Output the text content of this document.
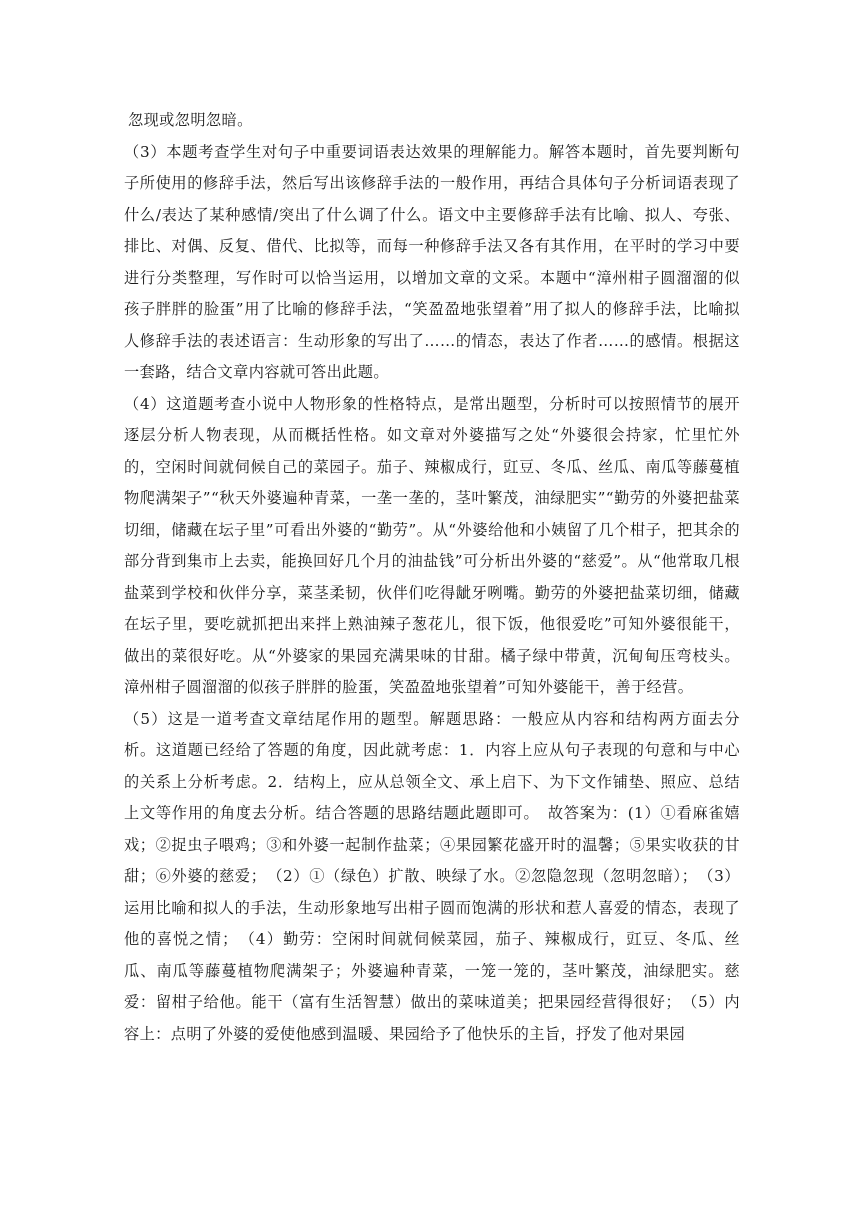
忽现或忽明忽暗。

（3）本题考查学生对句子中重要词语表达效果的理解能力。解答本题时，首先要判断句子所使用的修辞手法，然后写出该修辞手法的一般作用，再结合具体句子分析词语表现了什么/表达了某种感情/突出了什么调了什么。语文中主要修辞手法有比喻、拟人、夸张、排比、对偶、反复、借代、比拟等，而每一种修辞手法又各有其作用，在平时的学习中要进行分类整理，写作时可以恰当运用，以增加文章的文采。本题中“漳州柑子圆溜溜的似孩子胖胖的脸蛋”用了比喻的修辞手法，“笑盈盈地张望着”用了拟人的修辞手法，比喻拟人修辞手法的表述语言：生动形象的写出了……的情态，表达了作者……的感情。根据这一套路，结合文章内容就可答出此题。

（4）这道题考查小说中人物形象的性格特点，是常出题型，分析时可以按照情节的展开逐层分析人物表现，从而概括性格。如文章对外婆描写之处“外婆很会持家，忙里忙外的，空闲时间就伺候自己的菜园子。茄子、辣椒成行，豇豆、冬瓜、丝瓜、南瓜等藤蔓植物爬满架子”“秋天外婆遍种青菜，一垄一垄的，茎叶繁茂，油绿肥实”“勤劳的外婆把盐菜切细，储藏在坛子里”可看出外婆的“勤劳”。从“外婆给他和小姨留了几个柑子，把其余的部分背到集市上去卖，能换回好几个月的油盐钱”可分析出外婆的“慈爱”。从“他常取几根盐菜到学校和伙伴分享，菜茎柔韧，伙伴们吃得龇牙咧嘴。勤劳的外婆把盐菜切细，储藏在坛子里，要吃就抓把出来拌上熟油辣子葱花儿，很下饭，他很爱吃”可知外婆很能干，做出的菜很好吃。从“外婆家的果园充满果味的甘甜。橘子绿中带黄，沉甸甸压弯枝头。漳州柑子圆溜溜的似孩子胖胖的脸蛋，笑盈盈地张望着”可知外婆能干，善于经营。

（5）这是一道考查文章结尾作用的题型。解题思路：一般应从内容和结构两方面去分析。这道题已经给了答题的角度，因此就考虑：1．内容上应从句子表现的句意和与中心的关系上分析考虑。2．结构上，应从总领全文、承上启下、为下文作铺垫、照应、总结上文等作用的角度去分析。结合答题的思路结题此题即可。　故答案为：(1）①看麻雀嬉戏；②捉虫子喂鸡；③和外婆一起制作盐菜；④果园繁花盛开时的温馨；⑤果实收获的甘甜；⑥外婆的慈爱；　（2）①（绿色）扩散、映绿了水。②忽隐忽现（忽明忽暗）；　（3）运用比喻和拟人的手法，生动形象地写出柑子圆而饱满的形状和惹人喜爱的情态，表现了他的喜悦之情；　（4）勤劳：空闲时间就伺候菜园，茄子、辣椒成行，豇豆、冬瓜、丝瓜、南瓜等藤蔓植物爬满架子；外婆遍种青菜，一笼一笼的，茎叶繁茂，油绿肥实。慈爱：留柑子给他。能干（富有生活智慧）做出的菜味道美；把果园经营得很好；　（5）内容上：点明了外婆的爱使他感到温暖、果园给予了他快乐的主旨，抒发了他对果园
